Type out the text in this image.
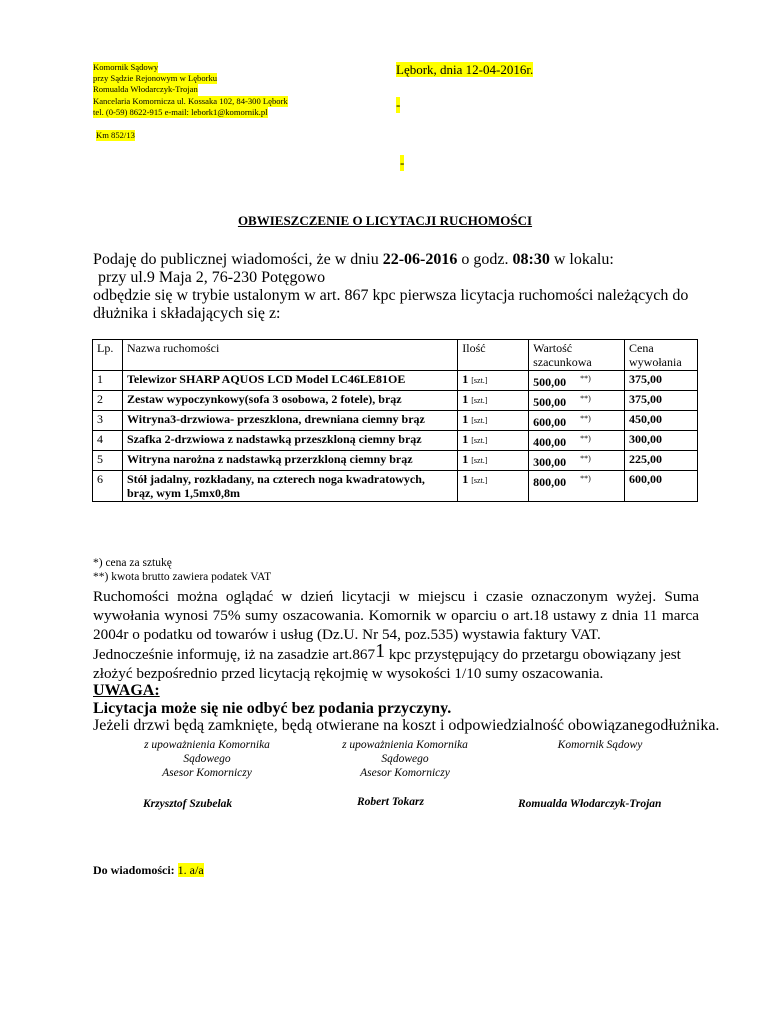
Komornik Sądowy
przy Sądzie Rejonowym w Lęborku
Romualda Włodarczyk-Trojan
Kancelaria Komornicza ul. Kossaka 102, 84-300 Lębork
tel. (0-59) 8622-915 e-mail: lebork1@komornik.pl
Km 852/13
Lębork, dnia 12-04-2016r.
-
-
OBWIESZCZENIE O LICYTACJI RUCHOMOŚCI
Podaję do publicznej wiadomości, że w dniu 22-06-2016 o godz. 08:30 w lokalu:
przy ul.9 Maja 2, 76-230 Potęgowo
odbędzie się w trybie ustalonym w art. 867 kpc pierwsza licytacja ruchomości należących do dłużnika i składających się z:
Lp.	Nazwa ruchomości	Ilość	Wartość szacunkowa	Cena wywołania
1	Telewizor SHARP AQUOS LCD Model LC46LE81OE	1 [szt.]	500,00 **)	375,00
2	Zestaw wypoczynkowy(sofa 3 osobowa, 2 fotele), brąz	1 [szt.]	500,00 **)	375,00
3	Witryna3-drzwiowa- przeszklona, drewniana ciemny brąz	1 [szt.]	600,00 **)	450,00
4	Szafka 2-drzwiowa z nadstawką przeszkloną ciemny brąz	1 [szt.]	400,00 **)	300,00
5	Witryna narożna z nadstawką przerzkloną ciemny brąz	1 [szt.]	300,00 **)	225,00
6	Stół jadalny, rozkładany, na czterech noga kwadratowych, brąz, wym 1,5mx0,8m	1 [szt.]	800,00 **)	600,00
*) cena za sztukę
**) kwota brutto zawiera podatek VAT
Ruchomości można oglądać w dzień licytacji w miejscu i czasie oznaczonym wyżej. Suma wywołania wynosi 75% sumy oszacowania. Komornik w oparciu o art.18 ustawy z dnia 11 marca 2004r o podatku od towarów i usług (Dz.U. Nr 54, poz.535) wystawia faktury VAT.
Jednocześnie informuję, iż na zasadzie art.8671 kpc przystępujący do przetargu obowiązany jest złożyć bezpośrednio przed licytacją rękojmię w wysokości 1/10 sumy oszacowania.
UWAGA:
Licytacja może się nie odbyć bez podania przyczyny.
Jeżeli drzwi będą zamknięte, będą otwierane na koszt i odpowiedzialność obowiązanegodłużnika.
z upoważnienia Komornika
Sądowego
Asesor Komorniczy
z upoważnienia Komornika
Sądowego
Asesor Komorniczy
Komornik Sądowy
Krzysztof Szubelak	Robert Tokarz	Romualda Włodarczyk-Trojan
Do wiadomości: 1. a/a
